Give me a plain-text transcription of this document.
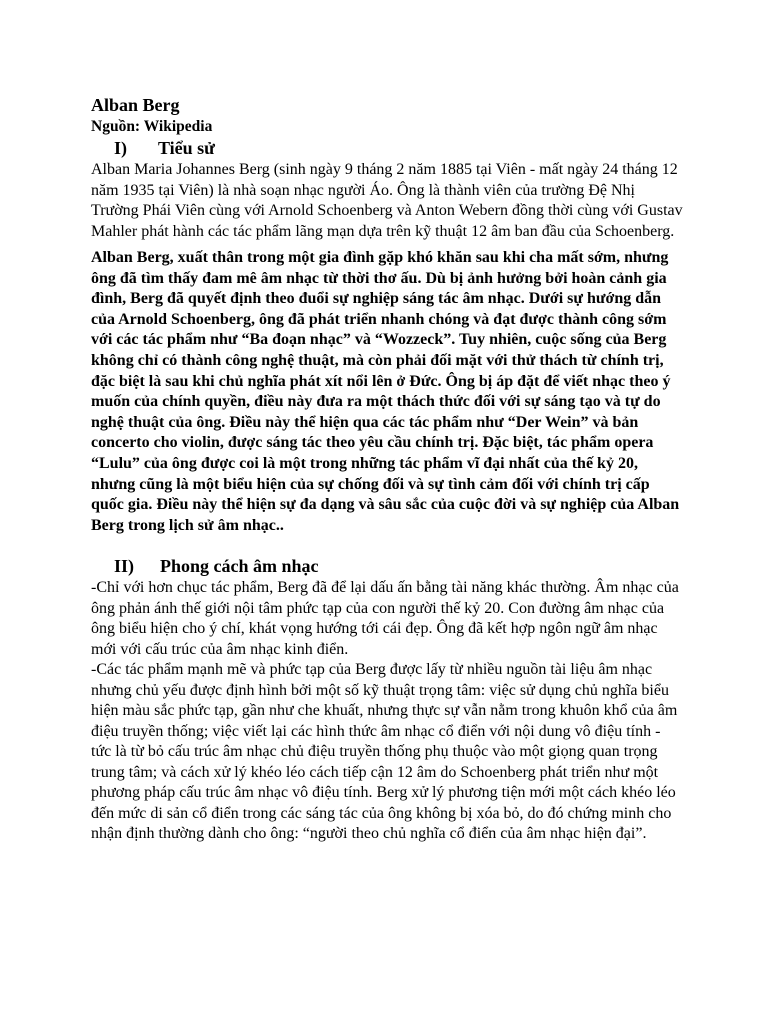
Alban Berg

Nguồn: Wikipedia

I)	Tiểu sử

Alban Maria Johannes Berg (sinh ngày 9 tháng 2 năm 1885 tại Viên - mất ngày 24 tháng 12 năm 1935 tại Viên) là nhà soạn nhạc người Áo. Ông là thành viên của trường Đệ Nhị Trường Phái Viên cùng với Arnold Schoenberg và Anton Webern đồng thời cùng với Gustav Mahler phát hành các tác phẩm lãng mạn dựa trên kỹ thuật 12 âm ban đầu của Schoenberg.

Alban Berg, xuất thân trong một gia đình gặp khó khăn sau khi cha mất sớm, nhưng ông đã tìm thấy đam mê âm nhạc từ thời thơ ấu. Dù bị ảnh hưởng bởi hoàn cảnh gia đình, Berg đã quyết định theo đuổi sự nghiệp sáng tác âm nhạc. Dưới sự hướng dẫn của Arnold Schoenberg, ông đã phát triển nhanh chóng và đạt được thành công sớm với các tác phẩm như “Ba đoạn nhạc” và “Wozzeck”. Tuy nhiên, cuộc sống của Berg không chỉ có thành công nghệ thuật, mà còn phải đối mặt với thử thách từ chính trị, đặc biệt là sau khi chủ nghĩa phát xít nổi lên ở Đức. Ông bị áp đặt để viết nhạc theo ý muốn của chính quyền, điều này đưa ra một thách thức đối với sự sáng tạo và tự do nghệ thuật của ông. Điều này thể hiện qua các tác phẩm như “Der Wein” và bản concerto cho violin, được sáng tác theo yêu cầu chính trị. Đặc biệt, tác phẩm opera “Lulu” của ông được coi là một trong những tác phẩm vĩ đại nhất của thế kỷ 20, nhưng cũng là một biểu hiện của sự chống đối và sự tình cảm đối với chính trị cấp quốc gia. Điều này thể hiện sự đa dạng và sâu sắc của cuộc đời và sự nghiệp của Alban Berg trong lịch sử âm nhạc..

II)	Phong cách âm nhạc

-Chỉ với hơn chục tác phẩm, Berg đã để lại dấu ấn bằng tài năng khác thường. Âm nhạc của ông phản ánh thế giới nội tâm phức tạp của con người thế kỷ 20. Con đường âm nhạc của ông biểu hiện cho ý chí, khát vọng hướng tới cái đẹp. Ông đã kết hợp ngôn ngữ âm nhạc mới với cấu trúc của âm nhạc kinh điển.

-Các tác phẩm mạnh mẽ và phức tạp của Berg được lấy từ nhiều nguồn tài liệu âm nhạc nhưng chủ yếu được định hình bởi một số kỹ thuật trọng tâm: việc sử dụng chủ nghĩa biểu hiện màu sắc phức tạp, gần như che khuất, nhưng thực sự vẫn nằm trong khuôn khổ của âm điệu truyền thống; việc viết lại các hình thức âm nhạc cổ điển với nội dung vô điệu tính - tức là từ bỏ cấu trúc âm nhạc chủ điệu truyền thống phụ thuộc vào một giọng quan trọng trung tâm; và cách xử lý khéo léo cách tiếp cận 12 âm do Schoenberg phát triển như một phương pháp cấu trúc âm nhạc vô điệu tính. Berg xử lý phương tiện mới một cách khéo léo đến mức di sản cổ điển trong các sáng tác của ông không bị xóa bỏ, do đó chứng minh cho nhận định thường dành cho ông: “người theo chủ nghĩa cổ điển của âm nhạc hiện đại”.
